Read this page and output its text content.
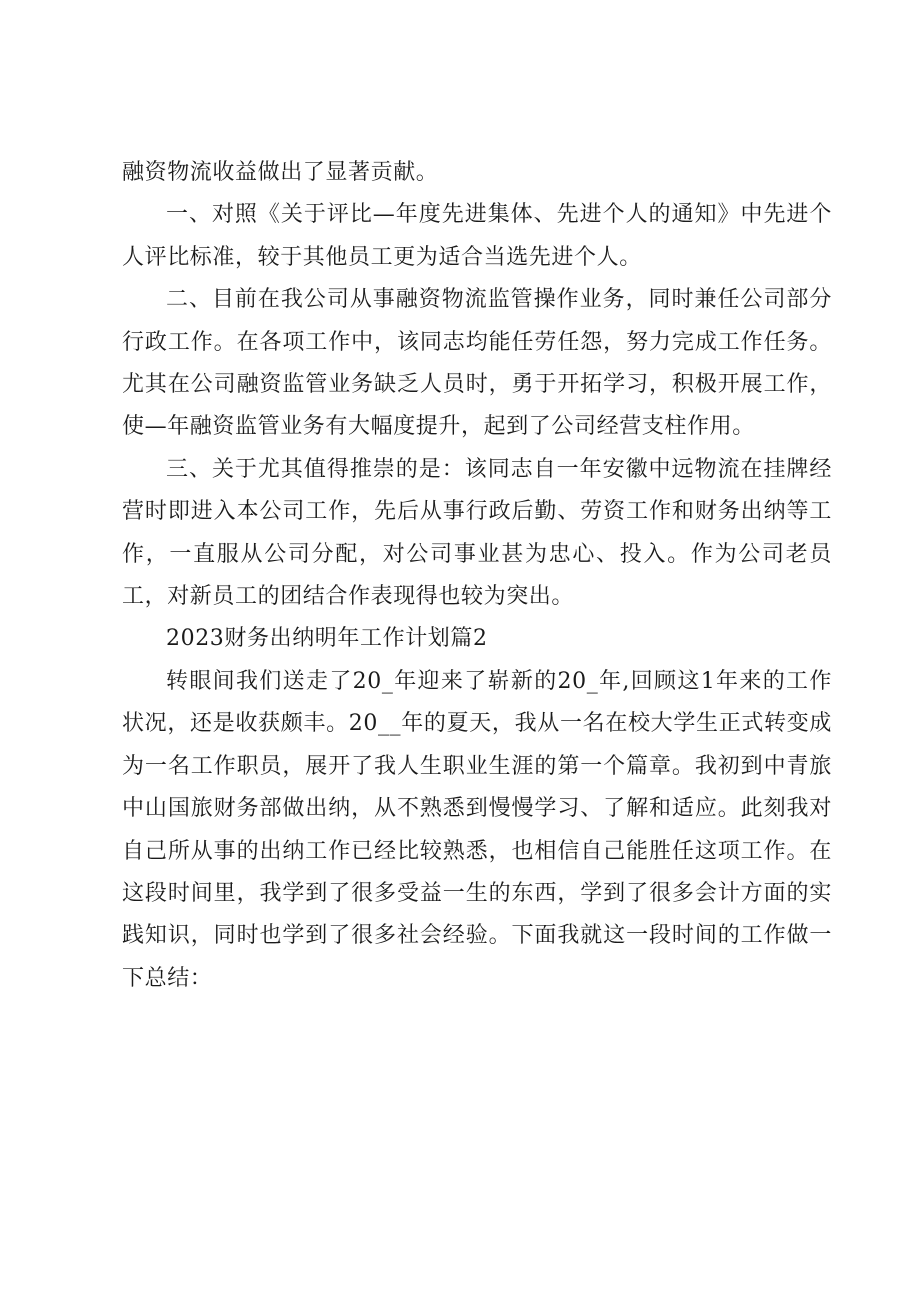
融资物流收益做出了显著贡献。

一、对照《关于评比—年度先进集体、先进个人的通知》中先进个人评比标准，较于其他员工更为适合当选先进个人。

二、目前在我公司从事融资物流监管操作业务，同时兼任公司部分行政工作。在各项工作中，该同志均能任劳任怨，努力完成工作任务。尤其在公司融资监管业务缺乏人员时，勇于开拓学习，积极开展工作，使—年融资监管业务有大幅度提升，起到了公司经营支柱作用。

三、关于尤其值得推崇的是：该同志自一年安徽中远物流在挂牌经营时即进入本公司工作，先后从事行政后勤、劳资工作和财务出纳等工作，一直服从公司分配，对公司事业甚为忠心、投入。作为公司老员工，对新员工的团结合作表现得也较为突出。

2023财务出纳明年工作计划篇2

转眼间我们送走了20_年迎来了崭新的20_年,回顾这1年来的工作状况，还是收获颇丰。20__年的夏天，我从一名在校大学生正式转变成为一名工作职员，展开了我人生职业生涯的第一个篇章。我初到中青旅中山国旅财务部做出纳，从不熟悉到慢慢学习、了解和适应。此刻我对自己所从事的出纳工作已经比较熟悉，也相信自己能胜任这项工作。在这段时间里，我学到了很多受益一生的东西，学到了很多会计方面的实践知识，同时也学到了很多社会经验。下面我就这一段时间的工作做一下总结：
